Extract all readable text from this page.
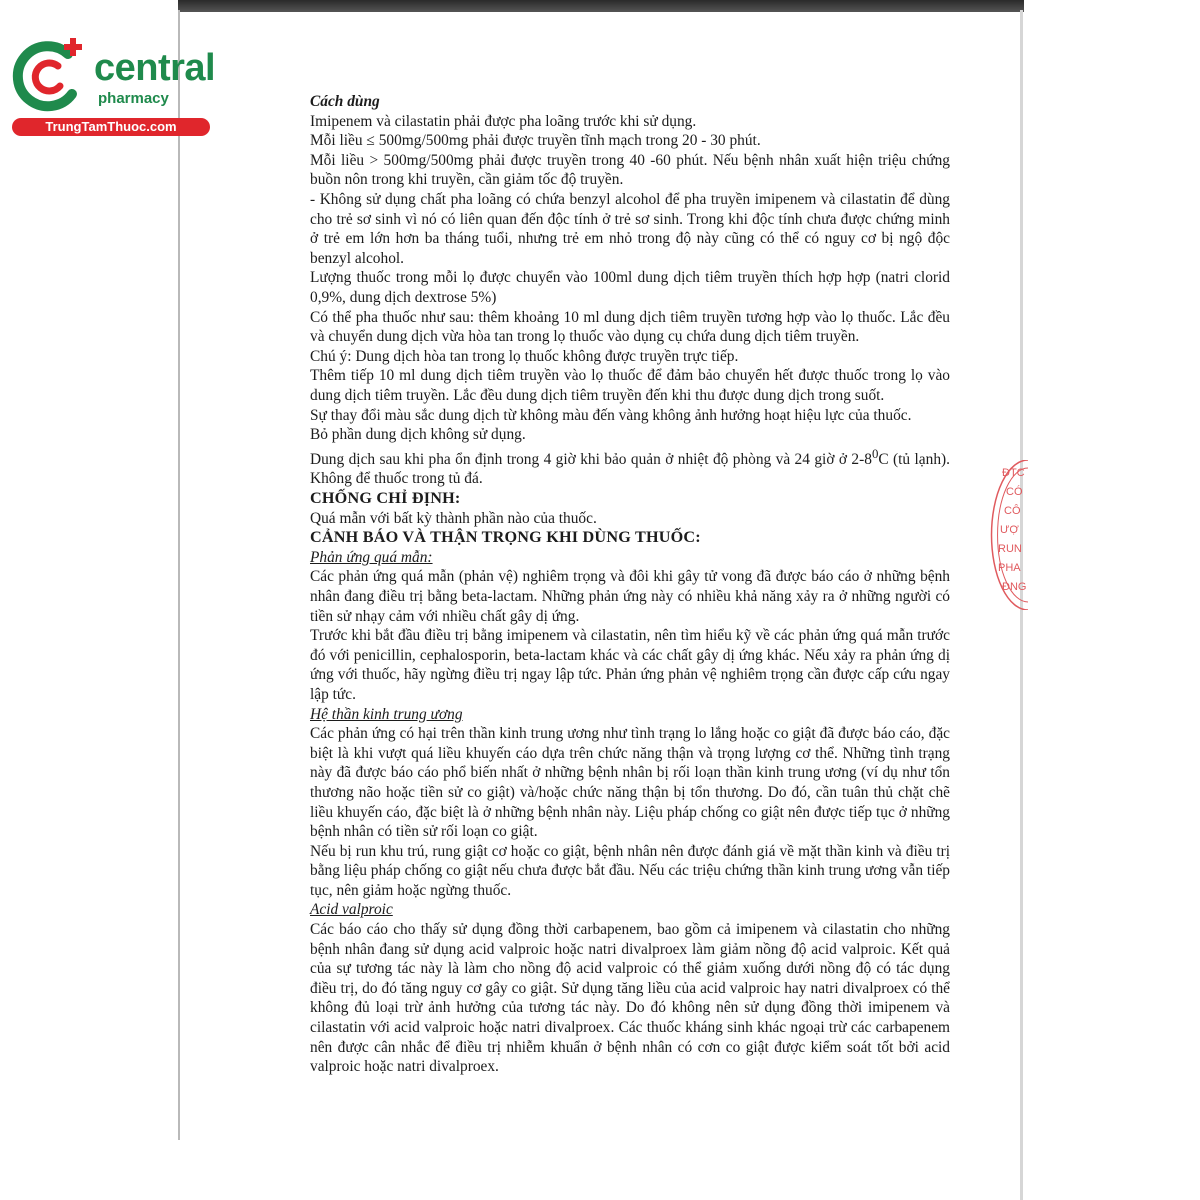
central
pharmacy
TrungTamThuoc.com

Cách dùng

Imipenem và cilastatin phải được pha loãng trước khi sử dụng.

Mỗi liều ≤ 500mg/500mg phải được truyền tĩnh mạch trong 20 - 30 phút.

Mỗi liều > 500mg/500mg phải được truyền trong 40 -60 phút. Nếu bệnh nhân xuất hiện triệu chứng buồn nôn trong khi truyền, cần giảm tốc độ truyền.

- Không sử dụng chất pha loãng có chứa benzyl alcohol để pha truyền imipenem và cilastatin để dùng cho trẻ sơ sinh vì nó có liên quan đến độc tính ở trẻ sơ sinh. Trong khi độc tính chưa được chứng minh ở trẻ em lớn hơn ba tháng tuổi, nhưng trẻ em nhỏ trong độ này cũng có thể có nguy cơ bị ngộ độc benzyl alcohol.

Lượng thuốc trong mỗi lọ được chuyển vào 100ml dung dịch tiêm truyền thích hợp hợp (natri clorid 0,9%, dung dịch dextrose 5%)

Có thể pha thuốc như sau: thêm khoảng 10 ml dung dịch tiêm truyền tương hợp vào lọ thuốc. Lắc đều và chuyển dung dịch vừa hòa tan trong lọ thuốc vào dụng cụ chứa dung dịch tiêm truyền.

Chú ý: Dung dịch hòa tan trong lọ thuốc không được truyền trực tiếp.

Thêm tiếp 10 ml dung dịch tiêm truyền vào lọ thuốc để đảm bảo chuyển hết được thuốc trong lọ vào dung dịch tiêm truyền. Lắc đều dung dịch tiêm truyền đến khi thu được dung dịch trong suốt.

Sự thay đổi màu sắc dung dịch từ không màu đến vàng không ảnh hưởng hoạt hiệu lực của thuốc.

Bỏ phần dung dịch không sử dụng.

Dung dịch sau khi pha ổn định trong 4 giờ khi bảo quản ở nhiệt độ phòng và 24 giờ ở $2-8^0C$ (tủ lạnh). Không để thuốc trong tủ đá.

CHỐNG CHỈ ĐỊNH:

Quá mẫn với bất kỳ thành phần nào của thuốc.

CẢNH BÁO VÀ THẬN TRỌNG KHI DÙNG THUỐC:

Phản ứng quá mẫn:

Các phản ứng quá mẫn (phản vệ) nghiêm trọng và đôi khi gây tử vong đã được báo cáo ở những bệnh nhân đang điều trị bằng beta-lactam. Những phản ứng này có nhiều khả năng xảy ra ở những người có tiền sử nhạy cảm với nhiều chất gây dị ứng.

Trước khi bắt đầu điều trị bằng imipenem và cilastatin, nên tìm hiểu kỹ về các phản ứng quá mẫn trước đó với penicillin, cephalosporin, beta-lactam khác và các chất gây dị ứng khác. Nếu xảy ra phản ứng dị ứng với thuốc, hãy ngừng điều trị ngay lập tức. Phản ứng phản vệ nghiêm trọng cần được cấp cứu ngay lập tức.

Hệ thần kinh trung ương

Các phản ứng có hại trên thần kinh trung ương như tình trạng lo lắng hoặc co giật đã được báo cáo, đặc biệt là khi vượt quá liều khuyến cáo dựa trên chức năng thận và trọng lượng cơ thể. Những tình trạng này đã được báo cáo phổ biến nhất ở những bệnh nhân bị rối loạn thần kinh trung ương (ví dụ như tổn thương não hoặc tiền sử co giật) và/hoặc chức năng thận bị tổn thương. Do đó, cần tuân thủ chặt chẽ liều khuyến cáo, đặc biệt là ở những bệnh nhân này. Liệu pháp chống co giật nên được tiếp tục ở những bệnh nhân có tiền sử rối loạn co giật.

Nếu bị run khu trú, rung giật cơ hoặc co giật, bệnh nhân nên được đánh giá về mặt thần kinh và điều trị bằng liệu pháp chống co giật nếu chưa được bắt đầu. Nếu các triệu chứng thần kinh trung ương vẫn tiếp tục, nên giảm hoặc ngừng thuốc.

Acid valproic

Các báo cáo cho thấy sử dụng đồng thời carbapenem, bao gồm cả imipenem và cilastatin cho những bệnh nhân đang sử dụng acid valproic hoặc natri divalproex làm giảm nồng độ acid valproic. Kết quả của sự tương tác này là làm cho nồng độ acid valproic có thể giảm xuống dưới nồng độ có tác dụng điều trị, do đó tăng nguy cơ gây co giật. Sử dụng tăng liều của acid valproic hay natri divalproex có thể không đủ loại trừ ảnh hưởng của tương tác này. Do đó không nên sử dụng đồng thời imipenem và cilastatin với acid valproic hoặc natri divalproex. Các thuốc kháng sinh khác ngoại trừ các carbapenem nên được cân nhắc để điều trị nhiễm khuẩn ở bệnh nhân có cơn co giật được kiểm soát tốt bởi acid valproic hoặc natri divalproex.

ĐTC
CÓ
CÔ
ƯỢ
RUN
PHA
ĐNG
